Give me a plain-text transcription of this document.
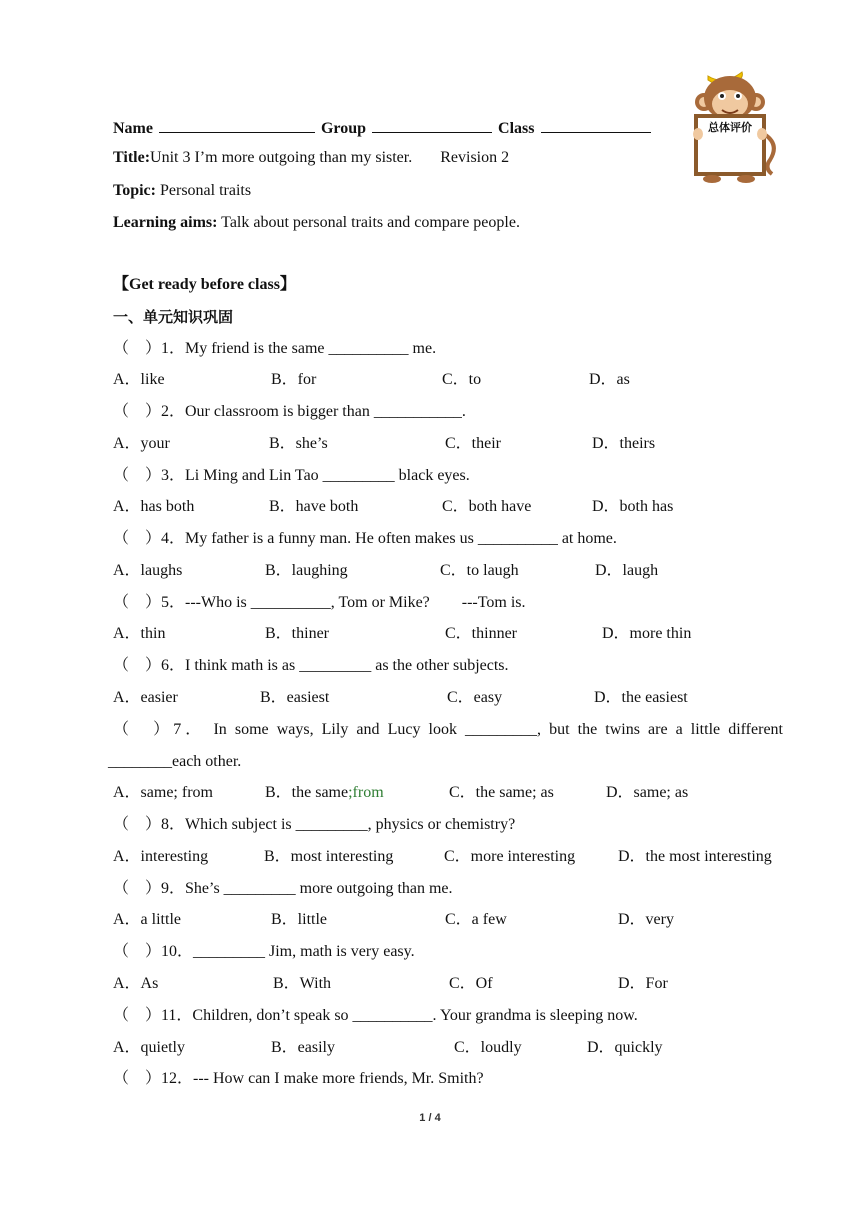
Name	Group	Class
Title:Unit 3 I’m more outgoing than my sister. Revision 2
Topic: Personal traits
Learning aims: Talk about personal traits and compare people.
总体评价
【Get ready before class】
一、单元知识巩固
（　）1．My friend is the same __________ me.
A．like	B．for	C．to	D．as
（　）2．Our classroom is bigger than ___________.
A．your	B．she’s	C．their	D．theirs
（　）3．Li Ming and Lin Tao _________ black eyes.
A．has both	B．have both	C．both have	D．both has
（　）4．My father is a funny man. He often makes us __________ at home.
A．laughs	B．laughing	C．to laugh	D．laugh
（　）5．---Who is __________, Tom or Mike?　　---Tom is.
A．thin	B．thiner	C．thinner	D．more thin
（　）6．I think math is as _________ as the other subjects.
A．easier	B．easiest	C．easy	D．the easiest
（　）7． In some ways, Lily and Lucy look _________, but the twins are a little different
________each other.
A．same; from	B．the same;from	C．the same; as	D．same; as
（　）8．Which subject is _________, physics or chemistry?
A．interesting	B．most interesting	C．more interesting	D．the most interesting
（　）9．She’s _________ more outgoing than me.
A．a little	B．little	C．a few	D．very
（　）10．_________ Jim, math is very easy.
A．As	B．With	C．Of	D．For
（　）11．Children, don’t speak so __________. Your grandma is sleeping now.
A．quietly	B．easily	C．loudly	D．quickly
（　）12．--- How can I make more friends, Mr. Smith?
1 / 4
